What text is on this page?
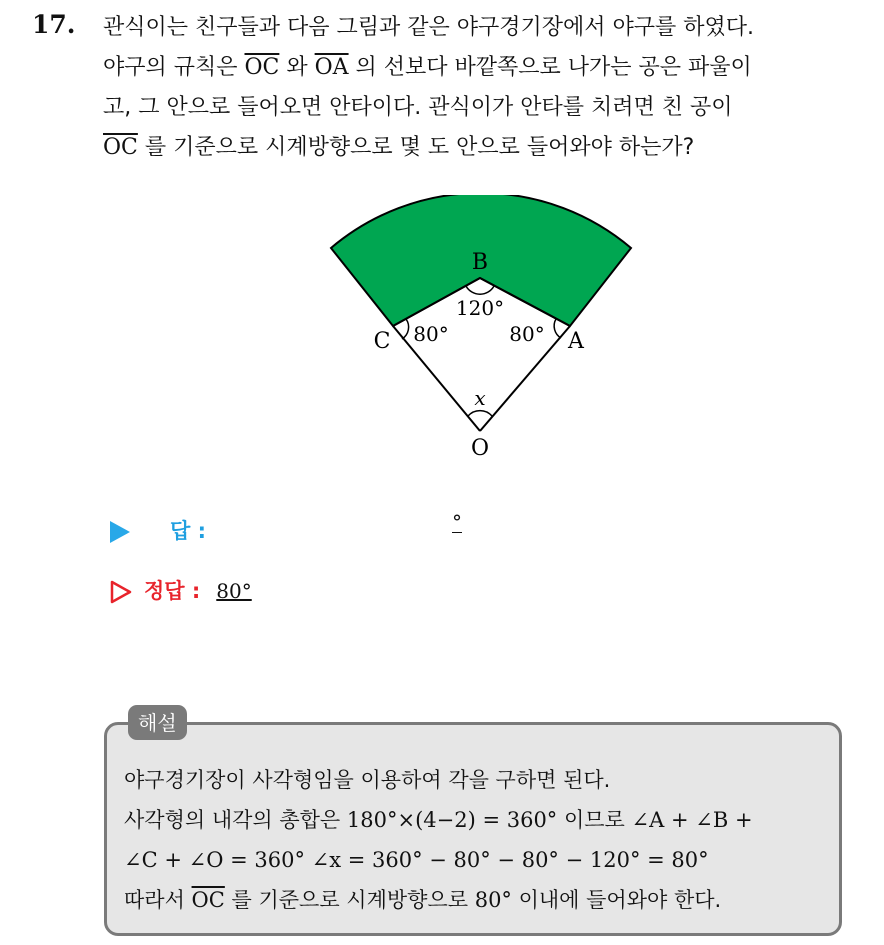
17. 관식이는 친구들과 다음 그림과 같은 야구경기장에서 야구를 하였다.
야구의 규칙은 $\overline{OC}$ 와 $\overline{OA}$ 의 선보다 바깥쪽으로 나가는 공은 파울이
고, 그 안으로 들어오면 안타이다. 관식이가 안타를 치려면 친 공이
$\overline{OC}$ 를 기준으로 시계방향으로 몇 도 안으로 들어와야 하는가?
B
C	A
O
120°
80°	80°
x
답 :	°
정답 : 80°
해설
야구경기장이 사각형임을 이용하여 각을 구하면 된다.
사각형의 내각의 총합은 180°×(4−2) = 360° 이므로 ∠A + ∠B +
∠C + ∠O = 360° ∠x = 360° − 80° − 80° − 120° = 80°
따라서 $\overline{OC}$ 를 기준으로 시계방향으로 80° 이내에 들어와야 한다.
